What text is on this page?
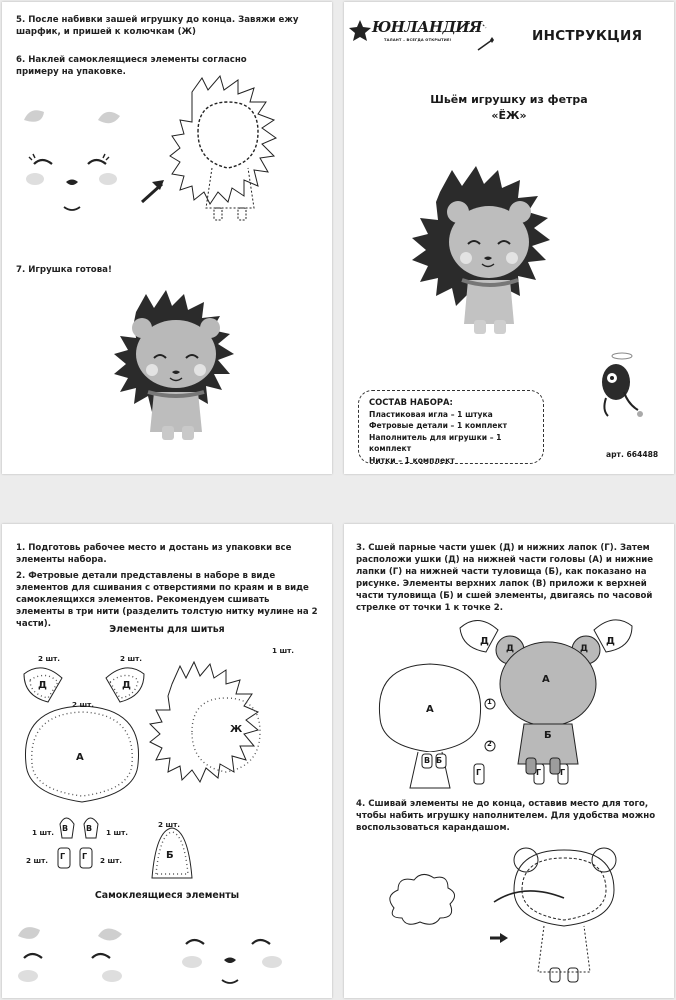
5. После набивки зашей игрушку до конца. Завяжи ежу шарфик, и пришей к колючкам (Ж)
6. Наклей самоклеящиеся элементы согласно примеру на упаковке.
7. Игрушка готова!
ЮНЛАНДИЯ
ТАЛАНТ – ВСЕГДА ОТКРЫТИЕ!	ИНСТРУКЦИЯ
Шьём игрушку из фетра
«ЁЖ»
СОСТАВ НАБОРА:
Пластиковая игла – 1 штука
Фетровые детали – 1 комплект
Наполнитель для игрушки – 1 комплект
Нитки – 1 комплект
арт. 664488
1. Подготовь рабочее место и достань из упаковки все элементы набора.
2. Фетровые детали представлены в наборе в виде элементов для сшивания с отверстиями по краям и в виде самоклеящихся элементов. Рекомендуем сшивать элементы в три нити (разделить толстую нитку мулине на 2 части).	Элементы для шитья
2 шт.	2 шт.
2 шт.
1 шт.
1 шт.	1 шт.
2 шт.	2 шт.
2 шт.
Д	Д
А
Ж
В В
Г Г	Б
Самоклеящиеся элементы
3. Сшей парные части ушек (Д) и нижних лапок (Г). Затем расположи ушки (Д) на нижней части головы (А) и нижние лапки (Г) на нижней части туловища (Б), как показано на рисунке. Элементы верхних лапок (В) приложи к верхней части туловища (Б) и сшей элементы, двигаясь по часовой стрелке от точки 1 к точке 2.
Д	Д
Д	Д
А
А
Б
В Б
Г	Г Г
1
2
4. Сшивай элементы не до конца, оставив место для того, чтобы набить игрушку наполнителем. Для удобства можно воспользоваться карандашом.
